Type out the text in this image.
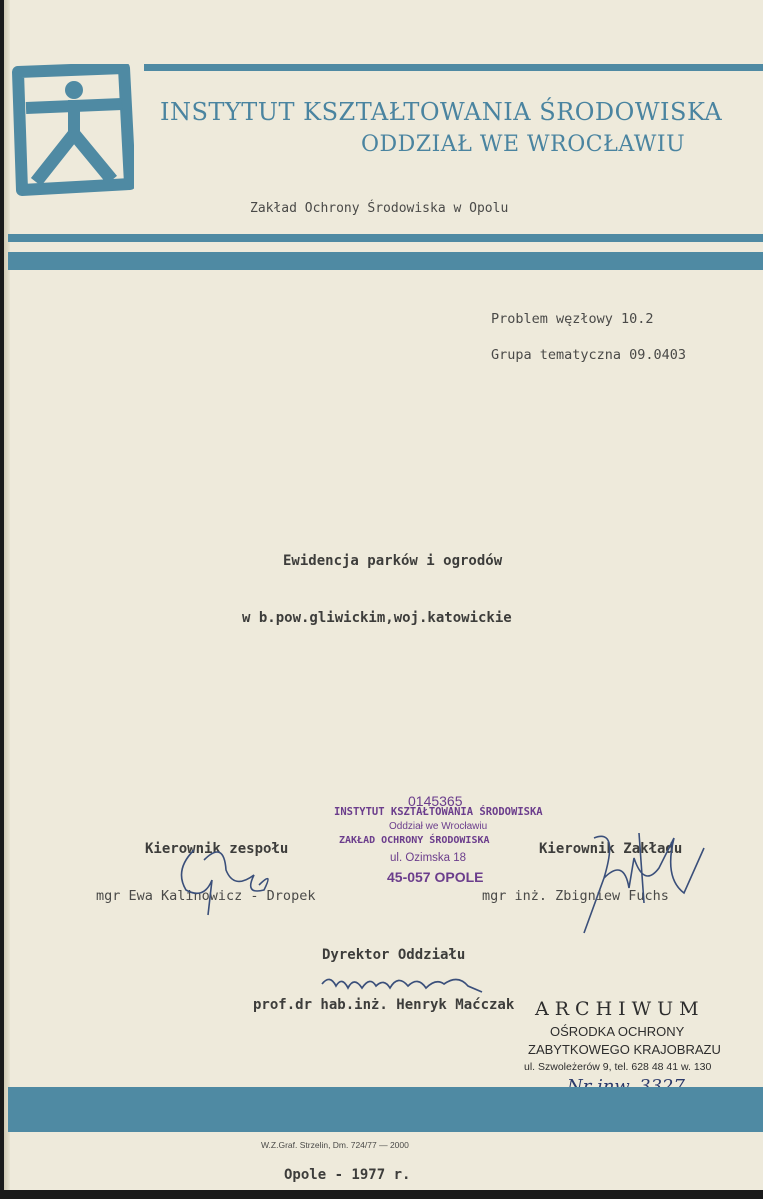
INSTYTUT KSZTAŁTOWANIA ŚRODOWISKA
ODDZIAŁ WE WROCŁAWIU
Zakład Ochrony Środowiska w Opolu
Problem węzłowy 10.2
Grupa tematyczna 09.0403
Ewidencja parków i ogrodów
w b.pow.gliwickim,woj.katowickie
0145365
INSTYTUT KSZTAŁTOWANIA ŚRODOWISKA
Oddział we Wrocławiu
ZAKŁAD OCHRONY ŚRODOWISKA
ul. Ozimska 18
45-057 OPOLE
Kierownik zespołu
mgr Ewa Kalinowicz - Dropek
Kierownik Zakładu
mgr inż. Zbigniew Fuchs
Dyrektor Oddziału
prof.dr hab.inż. Henryk Maćczak ARCHIWUM
OŚRODKA OCHRONY
ZABYTKOWEGO KRAJOBRAZU
ul. Szwoleżerów 9, tel. 628 48 41 w. 130
W.Z.Graf. Strzelin, Dm. 724/77 — 2000
Opole - 1977 r.
